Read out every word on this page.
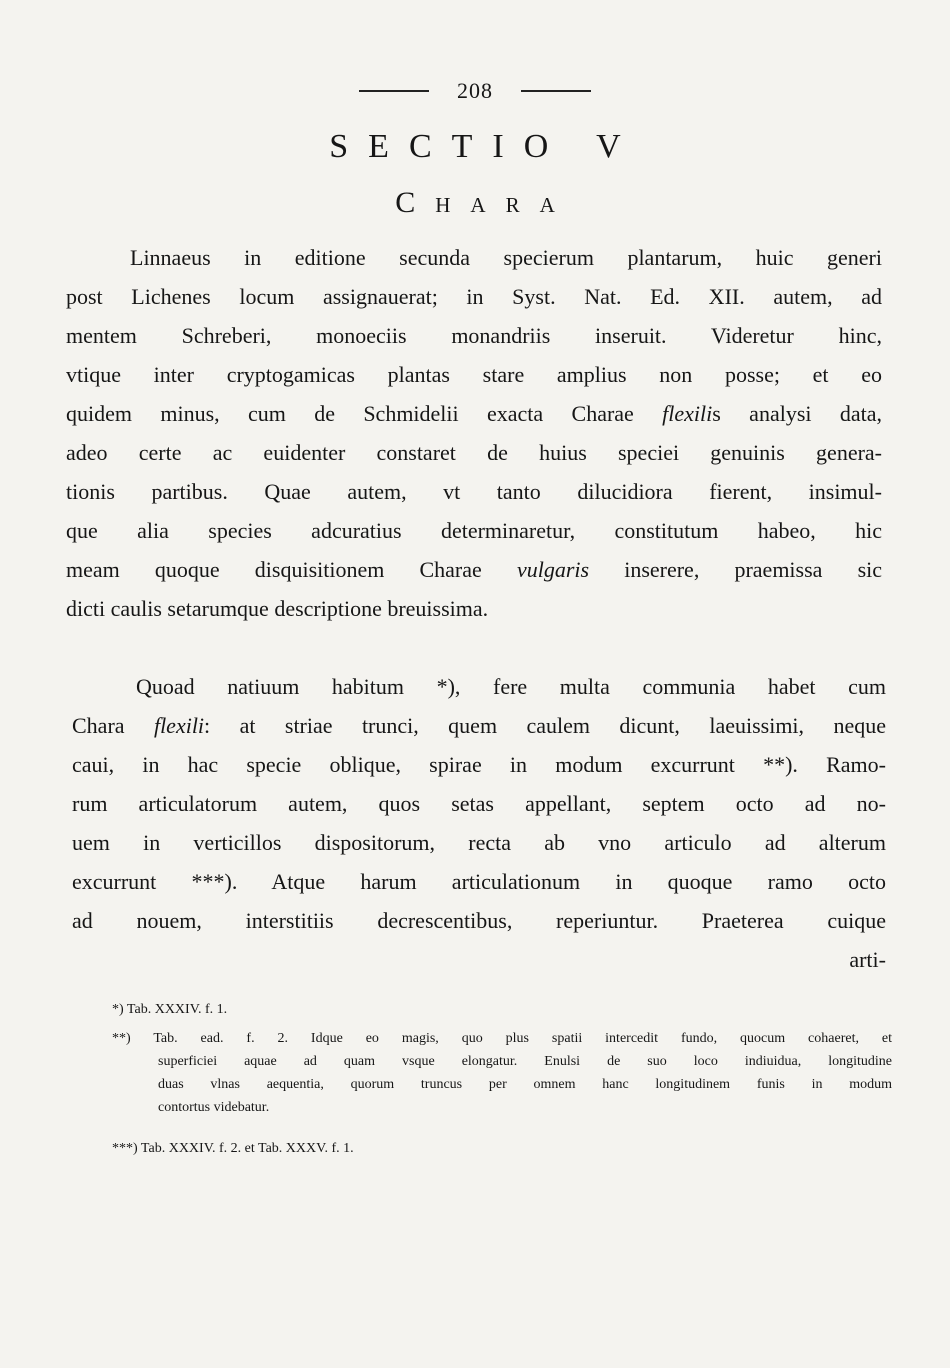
208
SECTIO V
Chara
Linnaeus in editione secunda specierum plantarum, huic generi
post Lichenes locum assignauerat; in Syst. Nat. Ed. XII. autem, ad
mentem Schreberi, monoeciis monandriis inseruit. Videretur hinc,
vtique inter cryptogamicas plantas stare amplius non posse; et eo
quidem minus, cum de Schmidelii exacta Charae flexilis analysi data,
adeo certe ac euidenter constaret de huius speciei genuinis genera-
tionis partibus. Quae autem, vt tanto dilucidiora fierent, insimul-
que alia species adcuratius determinaretur, constitutum habeo, hic
meam quoque disquisitionem Charae vulgaris inserere, praemissa sic
dicti caulis setarumque descriptione breuissima.
Quoad natiuum habitum *), fere multa communia habet cum
Chara flexili: at striae trunci, quem caulem dicunt, laeuissimi, neque
caui, in hac specie oblique, spirae in modum excurrunt **). Ramo-
rum articulatorum autem, quos setas appellant, septem octo ad no-
uem in verticillos dispositorum, recta ab vno articulo ad alterum
excurrunt ***). Atque harum articulationum in quoque ramo octo
ad nouem, interstitiis decrescentibus, reperiuntur. Praeterea cuique
arti-
*) Tab. XXXIV. f. 1.
**) Tab. ead. f. 2. Idque eo magis, quo plus spatii intercedit fundo, quocum cohaeret, et
superficiei aquae ad quam vsque elongatur. Enulsi de suo loco indiuidua, longitudine
duas vlnas aequentia, quorum truncus per omnem hanc longitudinem funis in modum
contortus videbatur.
***) Tab. XXXIV. f. 2. et Tab. XXXV. f. 1.
